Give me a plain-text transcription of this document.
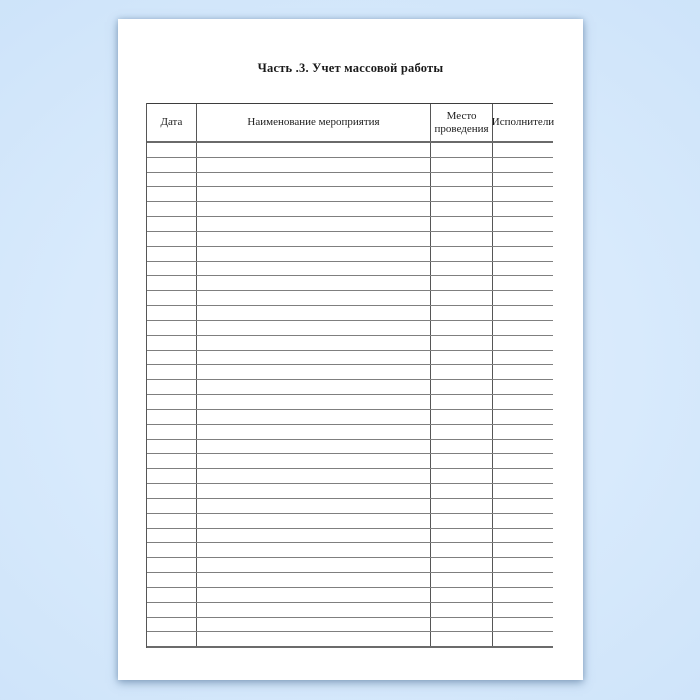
Часть .3. Учет массовой работы
Дата	Наименование мероприятия
Место проведения
Исполнители
